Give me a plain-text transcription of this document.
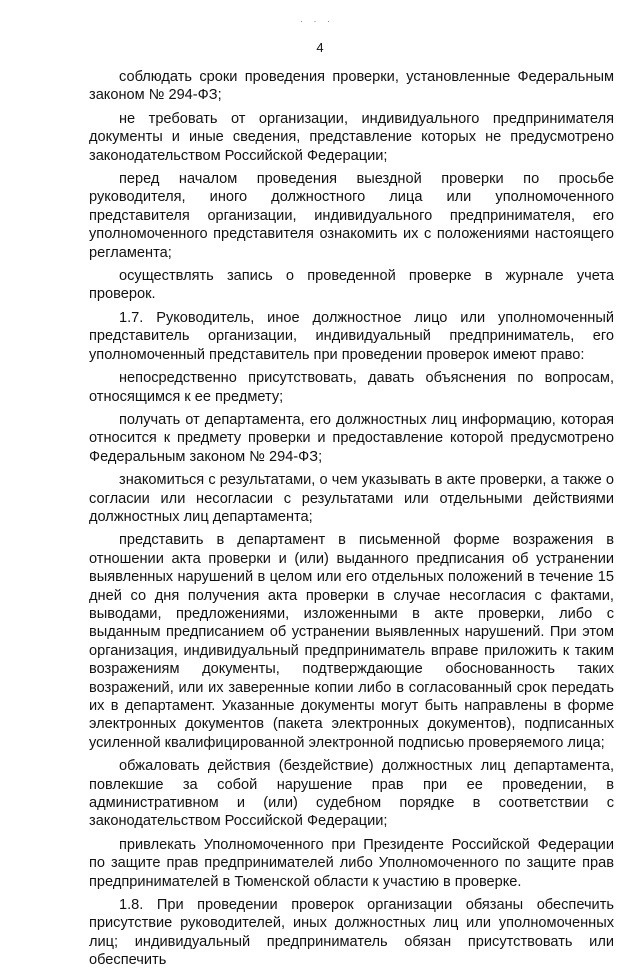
· · ·
4

соблюдать сроки проведения проверки, установленные Федеральным законом № 294-ФЗ;

не требовать от организации, индивидуального предпринимателя документы и иные сведения, представление которых не предусмотрено законодательством Российской Федерации;

перед началом проведения выездной проверки по просьбе руководителя, иного должностного лица или уполномоченного представителя организации, индивидуального предпринимателя, его уполномоченного представителя ознакомить их с положениями настоящего регламента;

осуществлять запись о проведенной проверке в журнале учета проверок.

1.7. Руководитель, иное должностное лицо или уполномоченный представитель организации, индивидуальный предприниматель, его уполномоченный представитель при проведении проверок имеют право:

непосредственно присутствовать, давать объяснения по вопросам, относящимся к ее предмету;

получать от департамента, его должностных лиц информацию, которая относится к предмету проверки и предоставление которой предусмотрено Федеральным законом № 294-ФЗ;

знакомиться с результатами, о чем указывать в акте проверки, а также о согласии или несогласии с результатами или отдельными действиями должностных лиц департамента;

представить в департамент в письменной форме возражения в отношении акта проверки и (или) выданного предписания об устранении выявленных нарушений в целом или его отдельных положений в течение 15 дней со дня получения акта проверки в случае несогласия с фактами, выводами, предложениями, изложенными в акте проверки, либо с выданным предписанием об устранении выявленных нарушений. При этом организация, индивидуальный предприниматель вправе приложить к таким возражениям документы, подтверждающие обоснованность таких возражений, или их заверенные копии либо в согласованный срок передать их в департамент. Указанные документы могут быть направлены в форме электронных документов (пакета электронных документов), подписанных усиленной квалифицированной электронной подписью проверяемого лица;

обжаловать действия (бездействие) должностных лиц департамента, повлекшие за собой нарушение прав при ее проведении, в административном и (или) судебном порядке в соответствии с законодательством Российской Федерации;

привлекать Уполномоченного при Президенте Российской Федерации по защите прав предпринимателей либо Уполномоченного по защите прав предпринимателей в Тюменской области к участию в проверке.

1.8. При проведении проверок организации обязаны обеспечить присутствие руководителей, иных должностных лиц или уполномоченных лиц; индивидуальный предприниматель обязан присутствовать или обеспечить
